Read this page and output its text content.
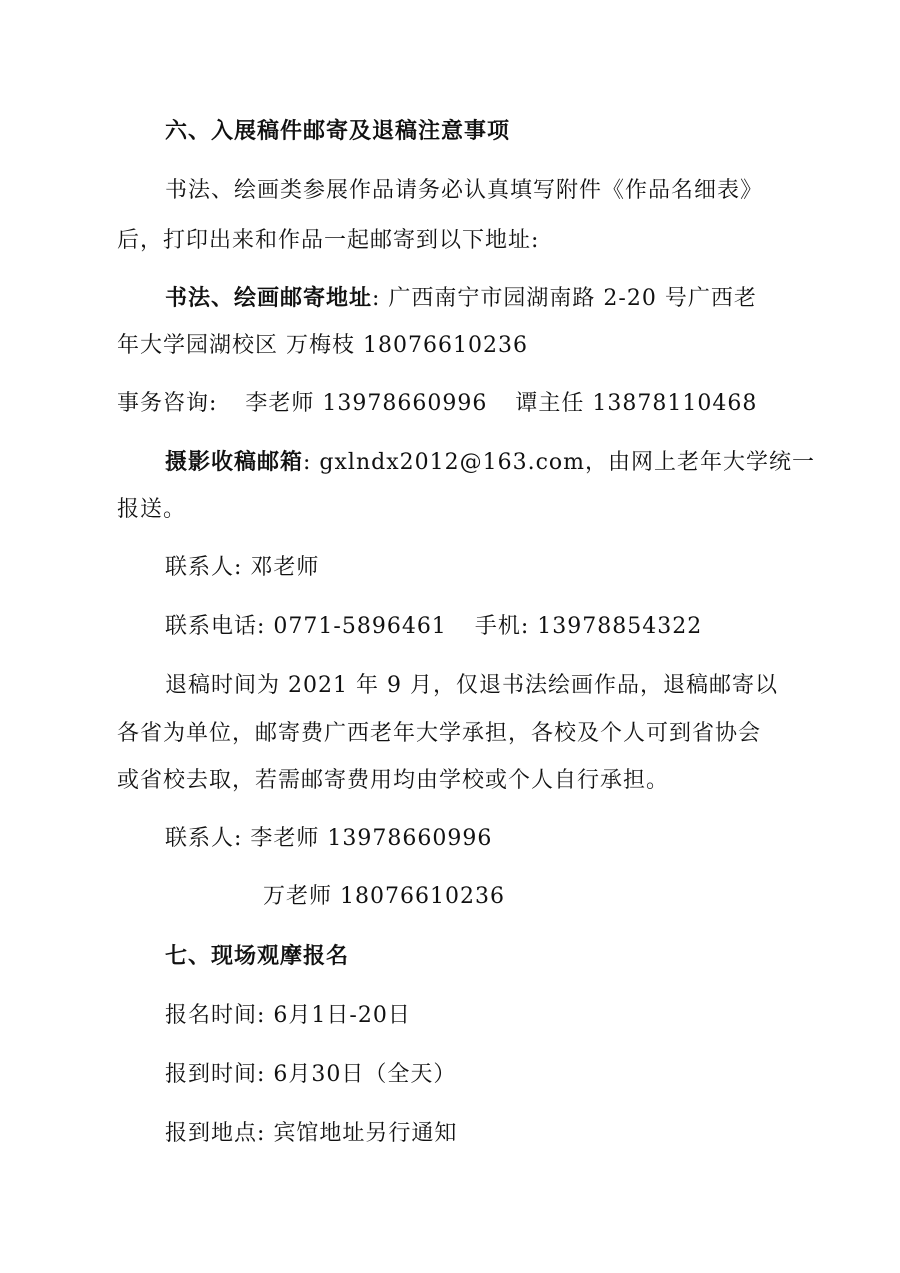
六、入展稿件邮寄及退稿注意事项
书法、绘画类参展作品请务必认真填写附件《作品名细表》
后，打印出来和作品一起邮寄到以下地址:
书法、绘画邮寄地址: 广西南宁市园湖南路 2-20 号广西老
年大学园湖校区 万梅枝 18076610236
事务咨询: 李老师 13978660996 谭主任 13878110468
摄影收稿邮箱: gxlndx2012@163.com，由网上老年大学统一
报送。
联系人: 邓老师
联系电话: 0771-5896461 手机: 13978854322
退稿时间为 2021 年 9 月，仅退书法绘画作品，退稿邮寄以
各省为单位，邮寄费广西老年大学承担，各校及个人可到省协会
或省校去取，若需邮寄费用均由学校或个人自行承担。
联系人: 李老师 13978660996
万老师 18076610236
七、现场观摩报名
报名时间: 6月1日-20日
报到时间: 6月30日（全天）
报到地点: 宾馆地址另行通知
